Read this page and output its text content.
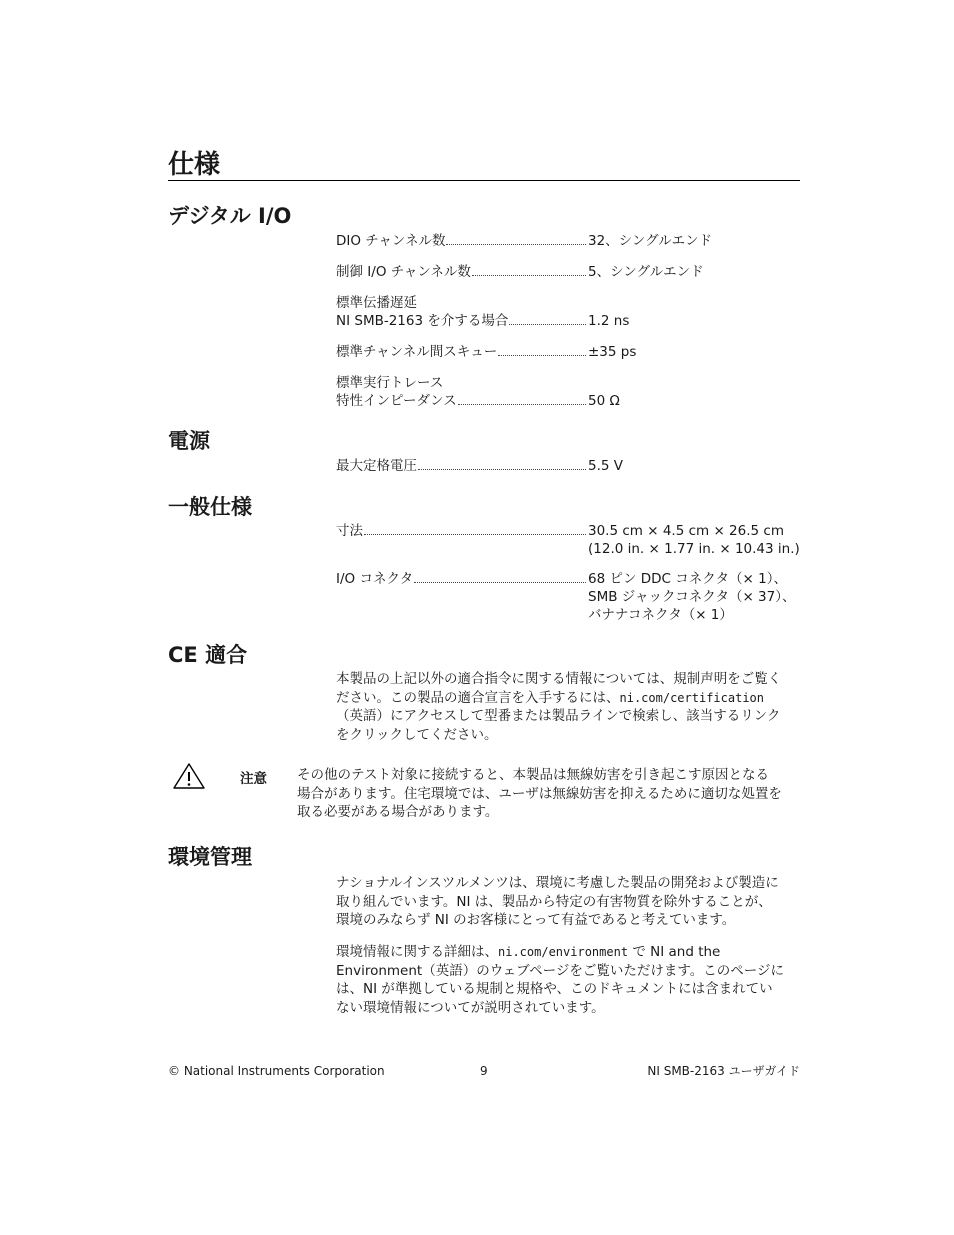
仕様
デジタル I/O
DIO チャンネル数	32、シングルエンド
制御 I/O チャンネル数	5、シングルエンド
標準伝播遅延
NI SMB-2163 を介する場合	1.2 ns
標準チャンネル間スキュー	±35 ps
標準実行トレース
特性インピーダンス	50 Ω
電源
最大定格電圧	5.5 V
一般仕様
寸法	30.5 cm × 4.5 cm × 26.5 cm
(12.0 in. × 1.77 in. × 10.43 in.)
I/O コネクタ	68 ピン DDC コネクタ（× 1）、
SMB ジャックコネクタ（× 37）、
バナナコネクタ（× 1）
CE 適合
本製品の上記以外の適合指令に関する情報については、規制声明をご覧く
ださい。この製品の適合宣言を入手するには、ni.com/certification
（英語）にアクセスして型番または製品ラインで検索し、該当するリンク
をクリックしてください。
注意 その他のテスト対象に接続すると、本製品は無線妨害を引き起こす原因となる
場合があります。住宅環境では、ユーザは無線妨害を抑えるために適切な処置を
取る必要がある場合があります。
環境管理
ナショナルインスツルメンツは、環境に考慮した製品の開発および製造に
取り組んでいます。NI は、製品から特定の有害物質を除外することが、
環境のみならず NI のお客様にとって有益であると考えています。
環境情報に関する詳細は、ni.com/environment で NI and the
Environment（英語）のウェブページをご覧いただけます。このページに
は、NI が準拠している規制と規格や、このドキュメントには含まれてい
ない環境情報についてが説明されています。
© National Instruments Corporation	9	NI SMB-2163 ユーザガイド
